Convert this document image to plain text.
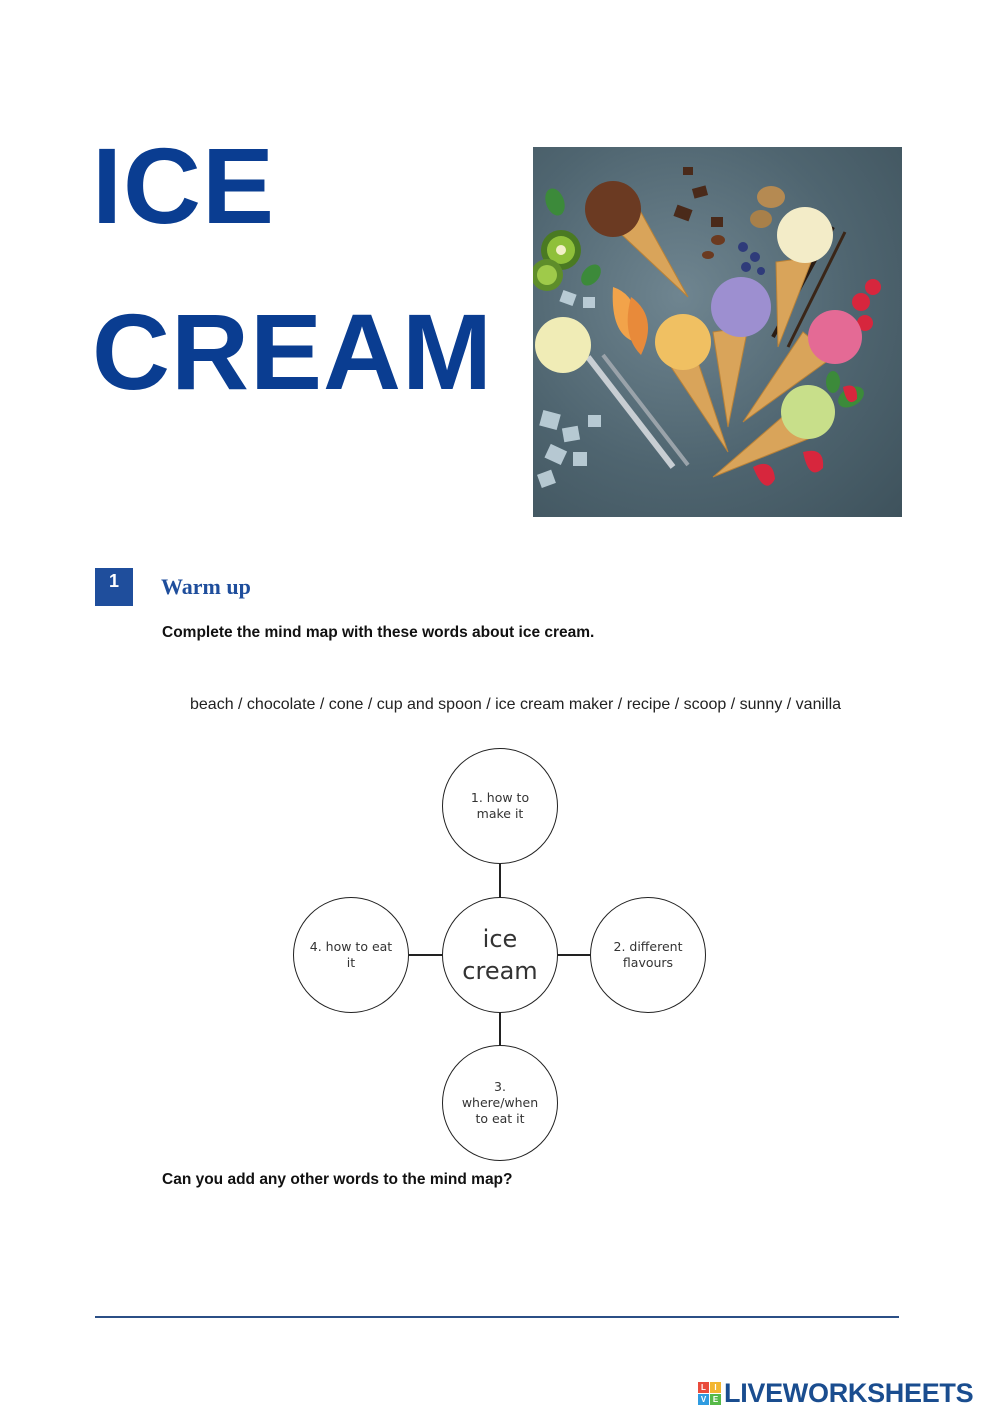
ICE
CREAM
1	Warm up
Complete the mind map with these words about ice cream.
beach / chocolate / cone / cup and spoon / ice cream maker / recipe / scoop / sunny / vanilla
1. how to
make it
ice
cream
2. different
flavours
3.
where/when
to eat it
4. how to eat
it
Can you add any other words to the mind map?
L	I
V E LIVEWORKSHEETS
